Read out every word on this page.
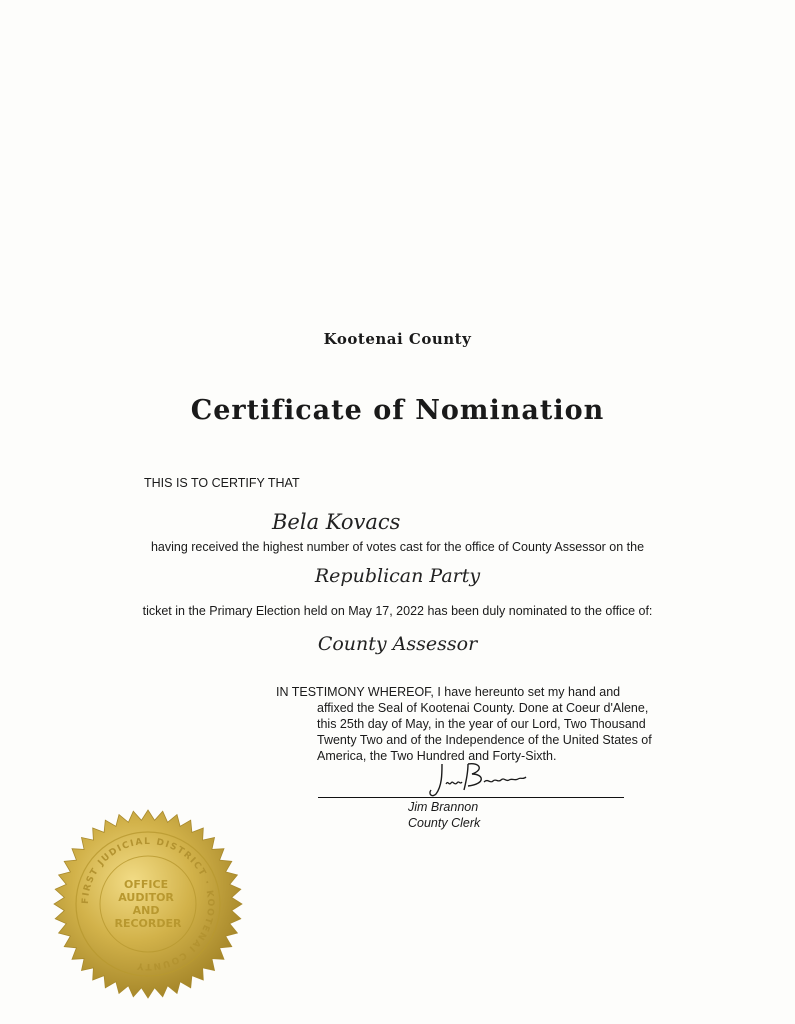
Kootenai County
Certificate of Nomination
THIS IS TO CERTIFY THAT
Bela Kovacs
having received the highest number of votes cast for the office of County Assessor on the
Republican Party
ticket in the Primary Election held on May 17, 2022 has been duly nominated to the office of:
County Assessor
IN TESTIMONY WHEREOF, I have hereunto set my hand and
affixed the Seal of Kootenai County. Done at Coeur d'Alene, this 25th day of May, in the year of our Lord, Two Thousand Twenty Two and of the Independence of the United States of America, the Two Hundred and Forty-Sixth.
Jim Brannon
County Clerk
FIRST JUDICIAL DISTRICT · KOOTENAI COUNTY
OFFICE AUDITOR AND RECORDER
